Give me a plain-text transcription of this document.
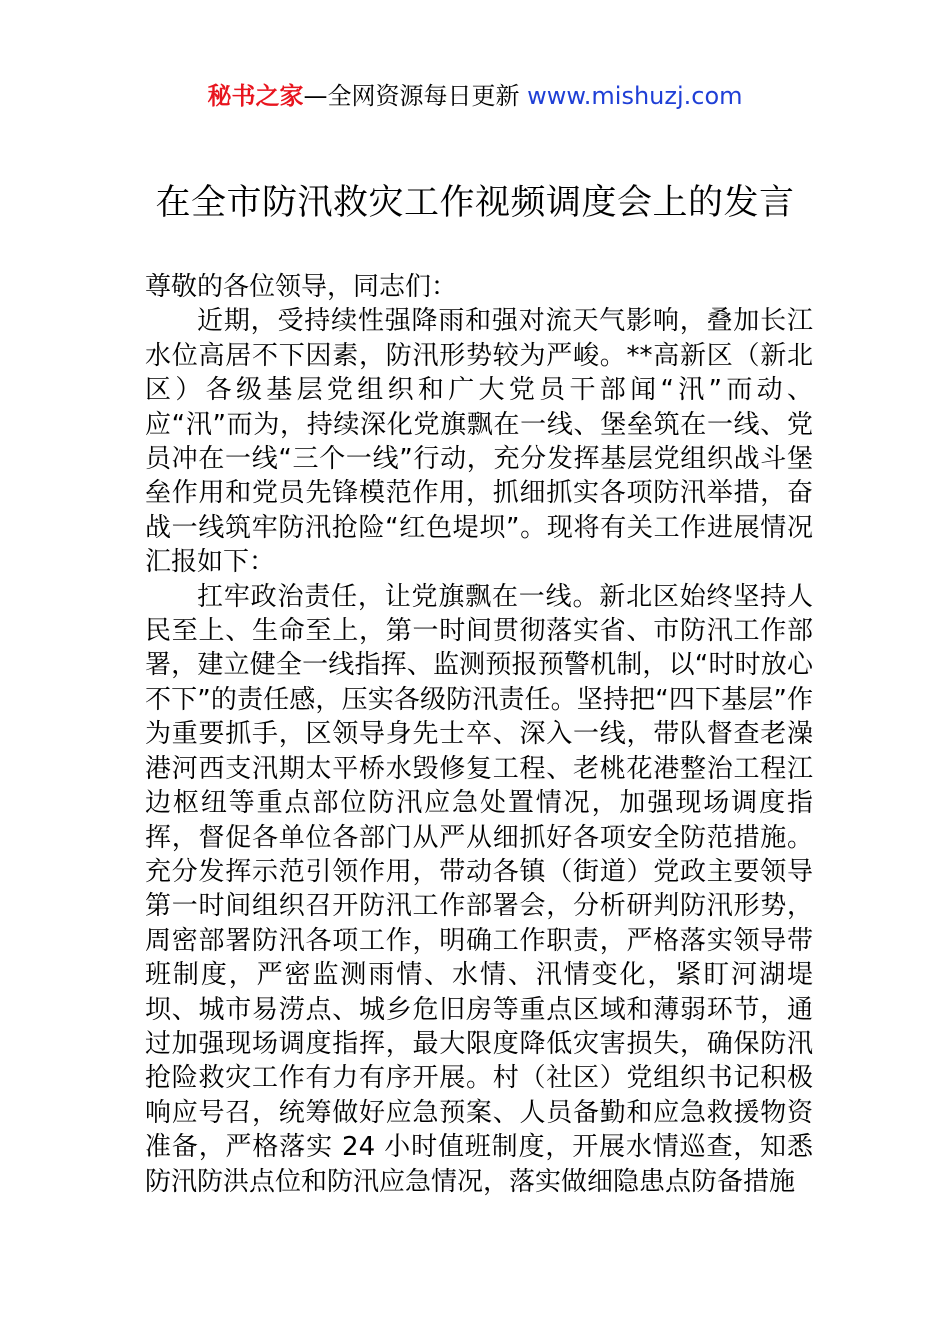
秘书之家—全网资源每日更新 www.mishuzj.com
在全市防汛救灾工作视频调度会上的发言

尊敬的各位领导，同志们：

近期，受持续性强降雨和强对流天气影响，叠加长江水位高居不下因素，防汛形势较为严峻。**高新区（新北区）各级基层党组织和广大党员干部闻“汛”而动、应“汛”而为，持续深化党旗飘在一线、堡垒筑在一线、党员冲在一线“三个一线”行动，充分发挥基层党组织战斗堡垒作用和党员先锋模范作用，抓细抓实各项防汛举措，奋战一线筑牢防汛抢险“红色堤坝”。现将有关工作进展情况汇报如下：

扛牢政治责任，让党旗飘在一线。新北区始终坚持人民至上、生命至上，第一时间贯彻落实省、市防汛工作部署，建立健全一线指挥、监测预报预警机制，以“时时放心不下”的责任感，压实各级防汛责任。坚持把“四下基层”作为重要抓手，区领导身先士卒、深入一线，带队督查老澡港河西支汛期太平桥水毁修复工程、老桃花港整治工程江边枢纽等重点部位防汛应急处置情况，加强现场调度指挥，督促各单位各部门从严从细抓好各项安全防范措施。充分发挥示范引领作用，带动各镇（街道）党政主要领导第一时间组织召开防汛工作部署会，分析研判防汛形势，周密部署防汛各项工作，明确工作职责，严格落实领导带班制度，严密监测雨情、水情、汛情变化，紧盯河湖堤坝、城市易涝点、城乡危旧房等重点区域和薄弱环节，通过加强现场调度指挥，最大限度降低灾害损失，确保防汛抢险救灾工作有力有序开展。村（社区）党组织书记积极响应号召，统筹做好应急预案、人员备勤和应急救援物资准备，严格落实 24 小时值班制度，开展水情巡查，知悉防汛防洪点位和防汛应急情况，落实做细隐患点防备措施
